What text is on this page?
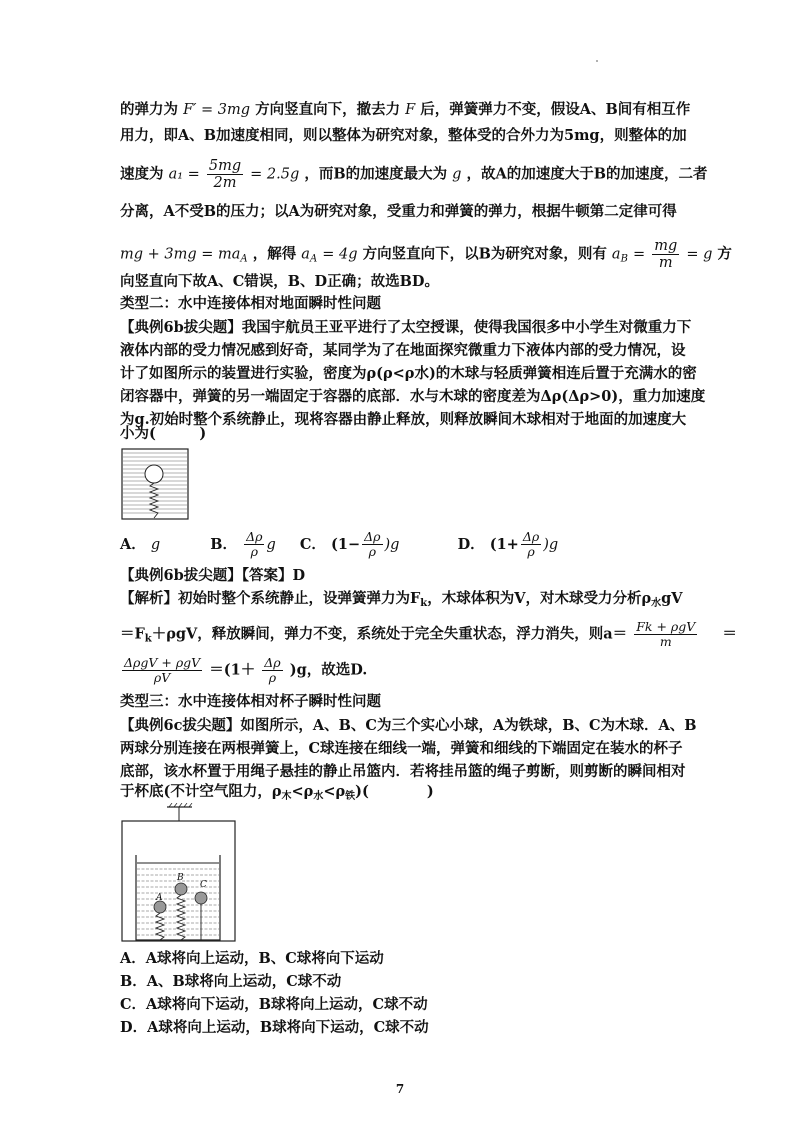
的弹力为 F′ = 3mg 方向竖直向下，撤去力 F 后，弹簧弹力不变，假设A、B间有相互作
用力，即A、B加速度相同，则以整体为研究对象，整体受的合外力为5mg，则整体的加
速度为 $a_1 = \frac{5mg}{2m} = 2.5g$ ，而B的加速度最大为 g ，故A的加速度大于B的加速度，二者
分离，A不受B的压力；以A为研究对象，受重力和弹簧的弹力，根据牛顿第二定律可得
mg + $3mg = ma_A$ ，解得 $a_A = 4g$ 方向竖直向下，以B为研究对象，则有 $a_B = \frac{mg}{m} = g$ 方
向竖直向下故A、C错误，B、D正确；故选BD。
类型二：水中连接体相对地面瞬时性问题
【典例6b拔尖题】我国宇航员王亚平进行了太空授课，使得我国很多中小学生对微重力下
液体内部的受力情况感到好奇，某同学为了在地面探究微重力下液体内部的受力情况，设
计了如图所示的装置进行实验，密度为ρ(ρ<ρ水)的木球与轻质弹簧相连后置于充满水的密
闭容器中，弹簧的另一端固定于容器的底部．水与木球的密度差为Δρ(Δρ>0)，重力加速度
为g.初始时整个系统静止，现将容器由静止释放，则释放瞬间木球相对于地面的加速度大
小为(　　　)
A． g	B． $\frac{\Delta\rho}{\rho}$ g C． $(1- \frac{\Delta\rho}{\rho} )g$	D． $(1+ \frac{\Delta\rho}{\rho} )g$
【典例6b拔尖题】【答案】D
【解析】初始时整个系统静止，设弹簧弹力为$F_k$，木球体积为V，对木球受力分析$\rho_水gV$
$=F_k+\rho gV$，释放瞬间，弹力不变，系统处于完全失重状态，浮力消失，则$a= \frac{\text{Fk + ρgV}}{m}$ ＝
$\frac{\text{ΔρgV + ρgV}}{\rho V} =(1+ \frac{\Delta\rho}{\rho} )g$，故选D.
类型三：水中连接体相对杯子瞬时性问题
【典例6c拔尖题】如图所示，A、B、C为三个实心小球，A为铁球，B、C为木球．A、B
两球分别连接在两根弹簧上，C球连接在细线一端，弹簧和细线的下端固定在装水的杯子
底部，该水杯置于用绳子悬挂的静止吊篮内．若将挂吊篮的绳子剪断，则剪断的瞬间相对
于杯底(不计空气阻力，$\rho_木<\rho_水<\rho_铁$)(　　　　)
A
B
C
A．A球将向上运动，B、C球将向下运动
B．A、B球将向上运动，C球不动
C．A球将向下运动，B球将向上运动，C球不动
D．A球将向上运动，B球将向下运动，C球不动
7
